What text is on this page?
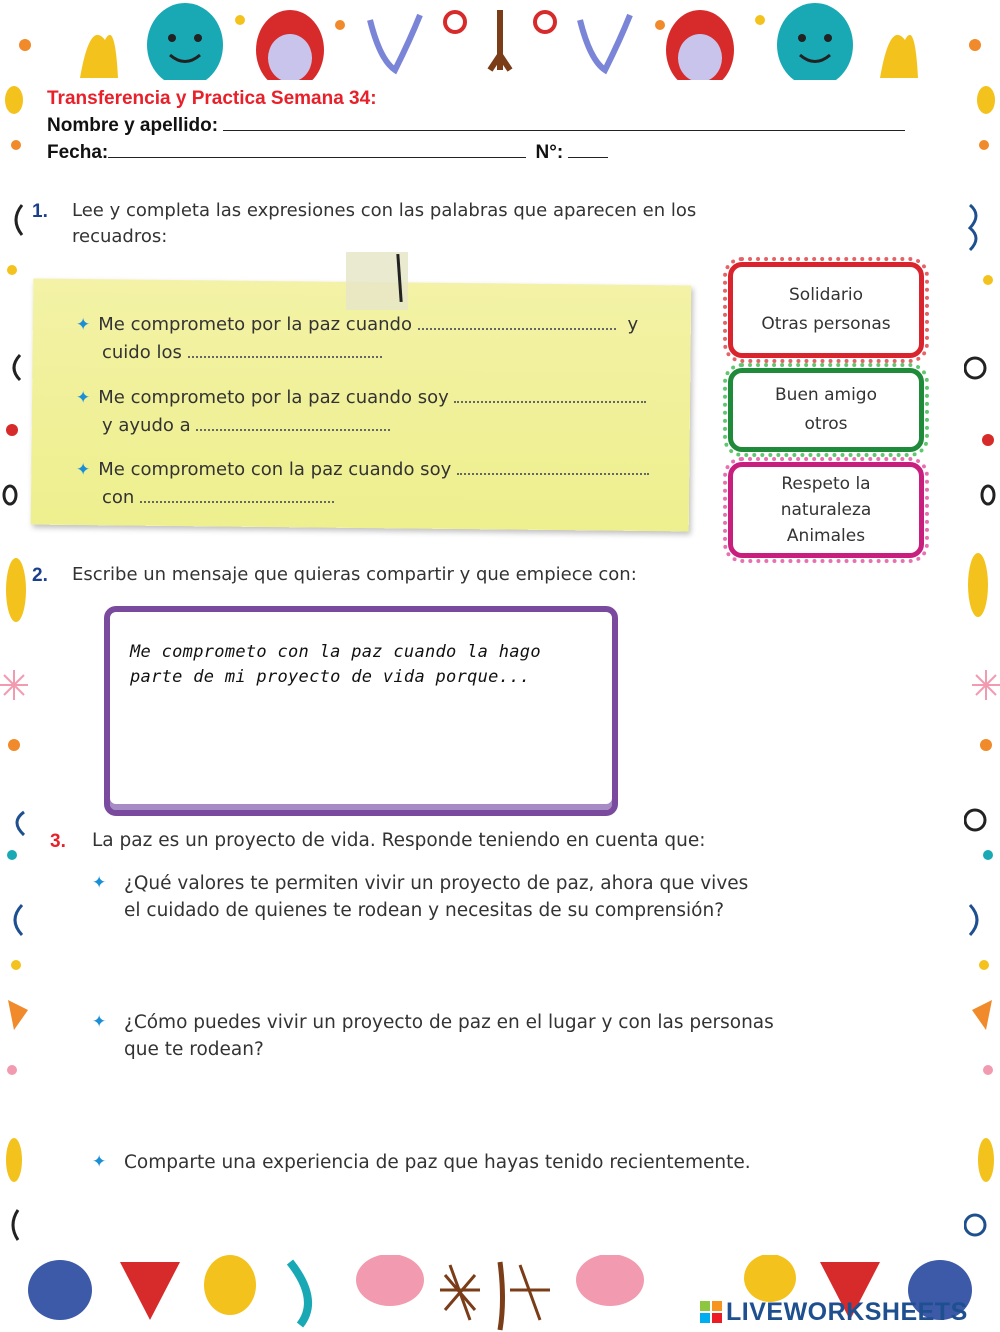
Transferencia y Practica Semana 34:
Nombre y apellido:
Fecha:	N°:
1. Lee y completa las expresiones con las palabras que aparecen en los
recuadros:
✦ Me comprometo por la paz cuando	y
cuido los
✦ Me comprometo por la paz cuando soy
y ayudo a
✦ Me comprometo con la paz cuando soy
con
Solidario
Otras personas
Buen amigo
otros
Respeto la
naturaleza
Animales
2. Escribe un mensaje que quieras compartir y que empiece con:
Me comprometo con la paz cuando la hago
parte de mi proyecto de vida porque...
3. La paz es un proyecto de vida. Responde teniendo en cuenta que:
✦ ¿Qué valores te permiten vivir un proyecto de paz, ahora que vives
el cuidado de quienes te rodean y necesitas de su comprensión?
✦ ¿Cómo puedes vivir un proyecto de paz en el lugar y con las personas
que te rodean?
✦ Comparte una experiencia de paz que hayas tenido recientemente.
LIVEWORKSHEETS
